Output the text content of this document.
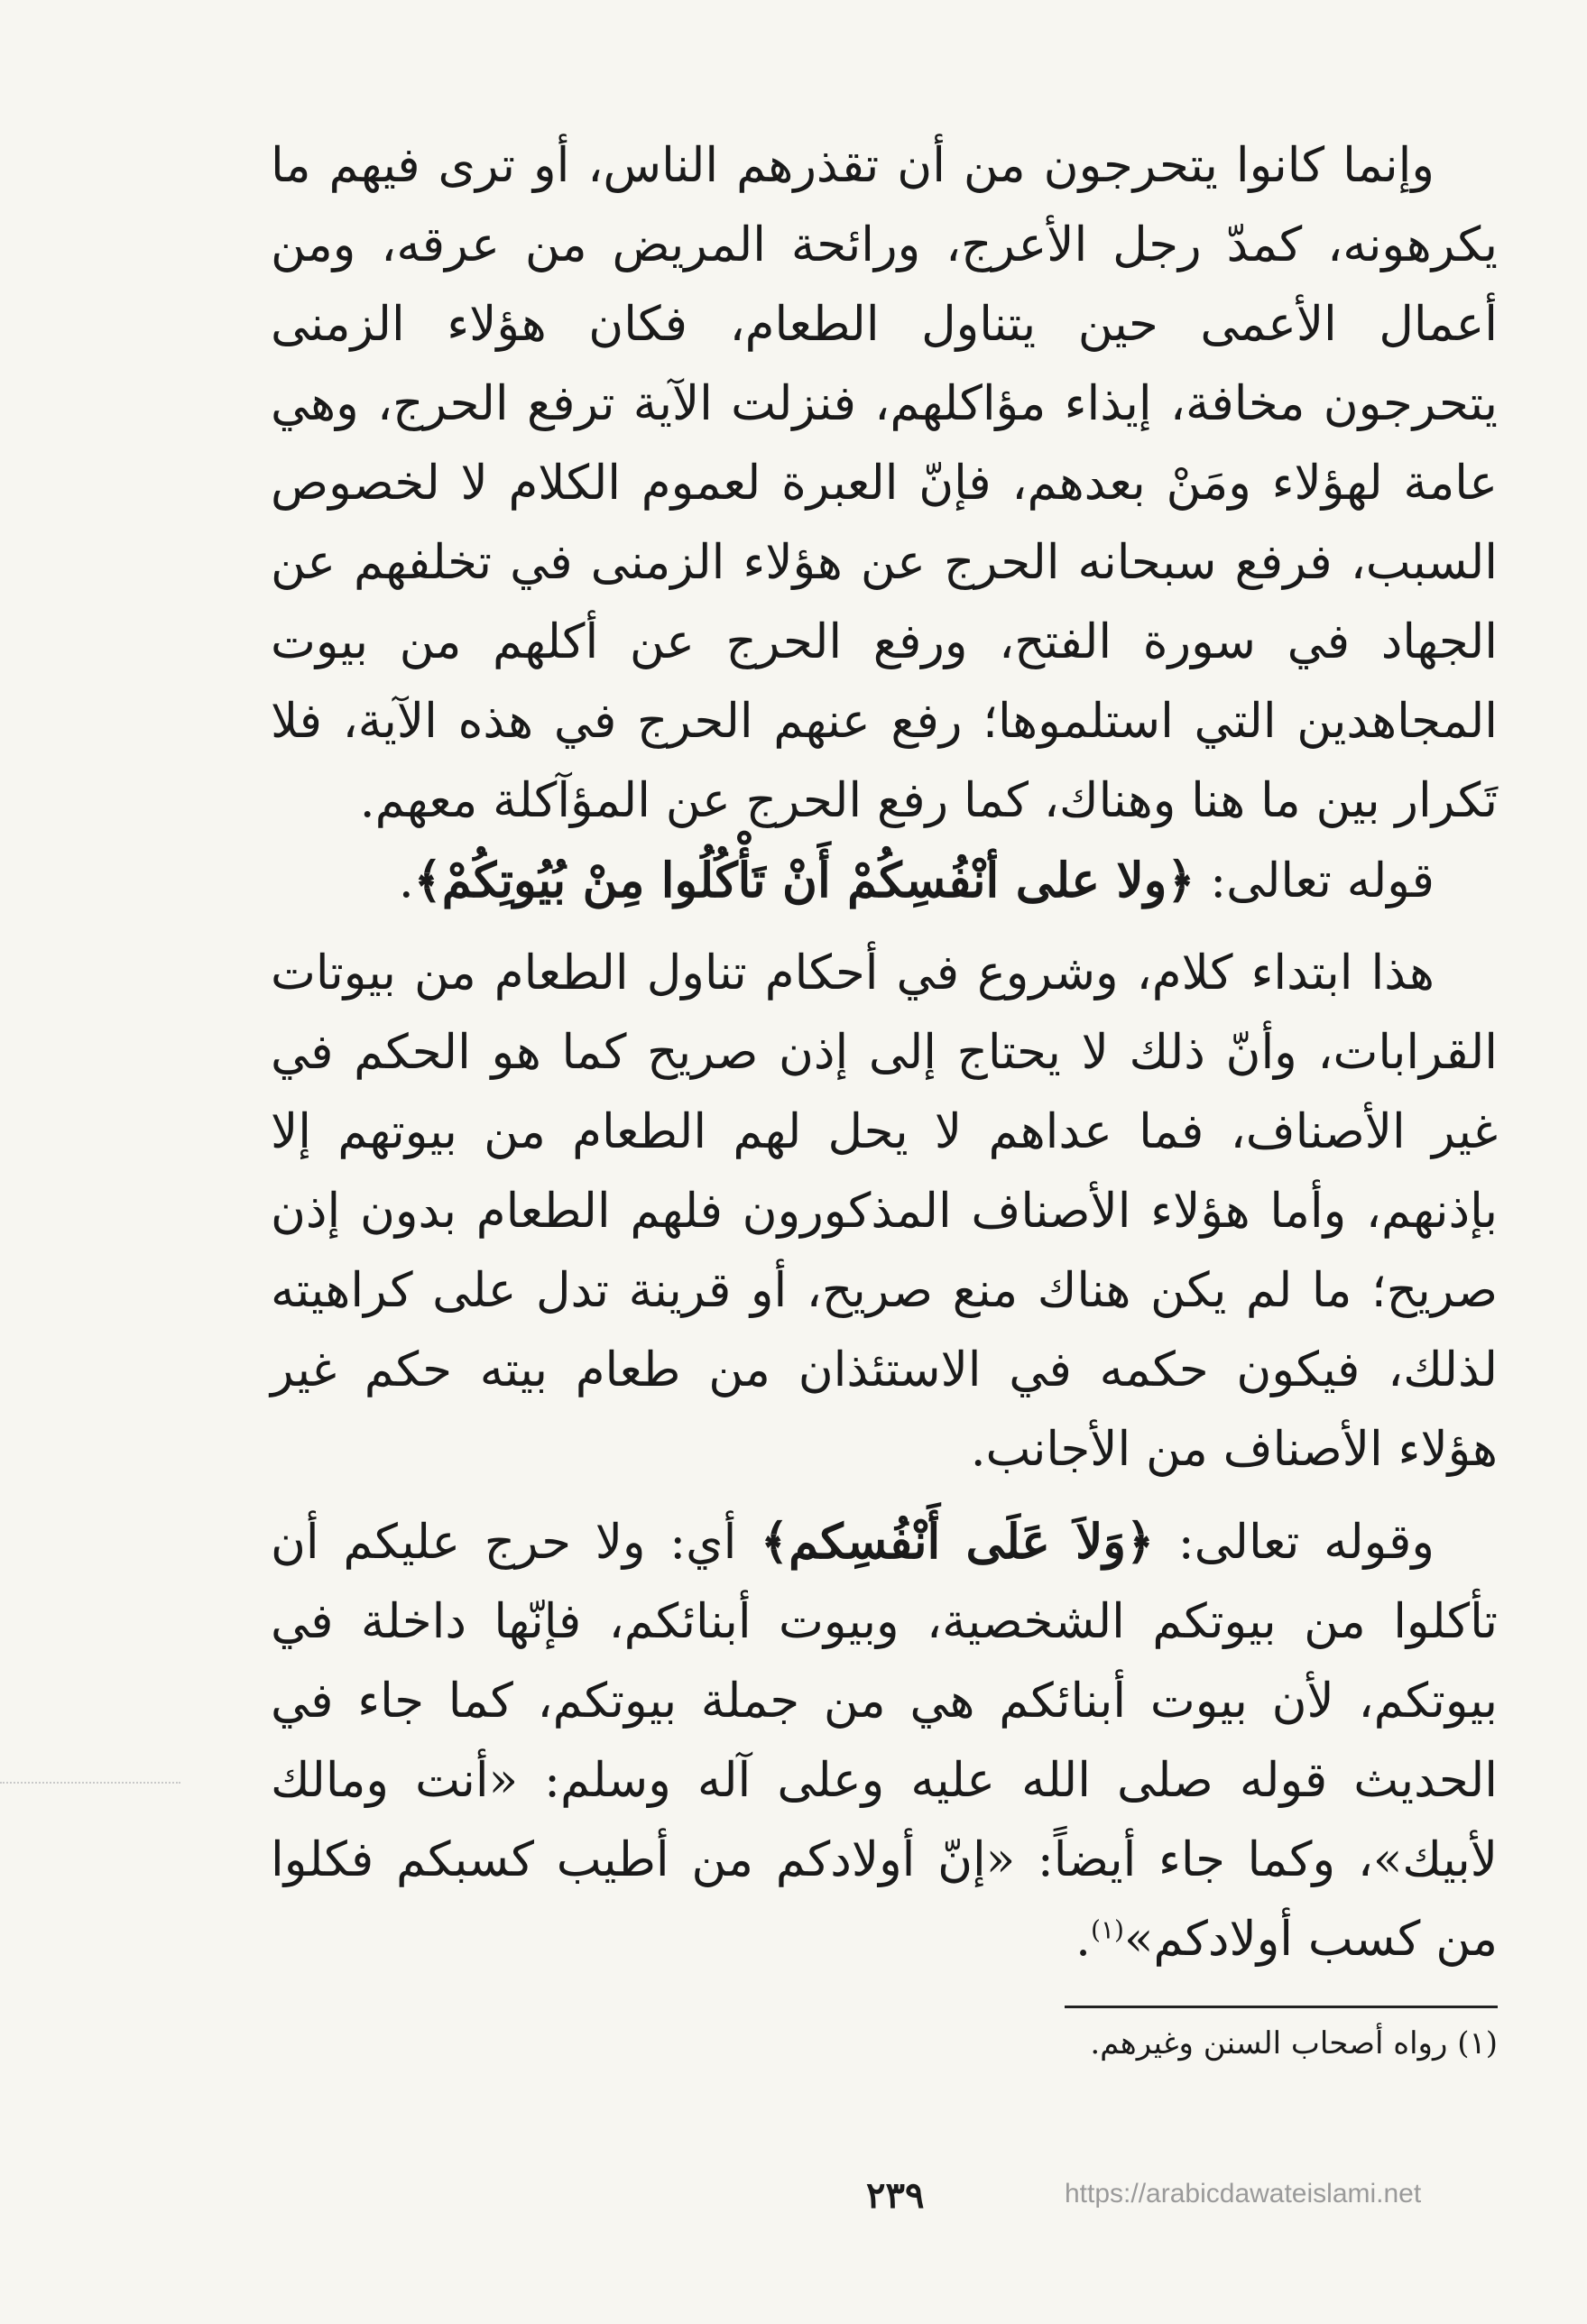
وإنما كانوا يتحرجون من أن تقذرهم الناس، أو ترى فيهم ما يكرهونه، كمدّ رجل الأعرج، ورائحة المريض من عرقه، ومن أعمال الأعمى حين يتناول الطعام، فكان هؤلاء الزمنى يتحرجون مخافة، إيذاء مؤاكلهم، فنزلت الآية ترفع الحرج، وهي عامة لهؤلاء ومَنْ بعدهم، فإنّ العبرة لعموم الكلام لا لخصوص السبب، فرفع سبحانه الحرج عن هؤلاء الزمنى في تخلفهم عن الجهاد في سورة الفتح، ورفع الحرج عن أكلهم من بيوت المجاهدين التي استلموها؛ رفع عنهم الحرج في هذه الآية، فلا تَكرار بين ما هنا وهناك، كما رفع الحرج عن المؤآكلة معهم.

قوله تعالى: ﴿ولا على أنْفُسِكُمْ أَنْ تَأْكُلُوا مِنْ بُيُوتِكُمْ﴾.

هذا ابتداء كلام، وشروع في أحكام تناول الطعام من بيوتات القرابات، وأنّ ذلك لا يحتاج إلى إذن صريح كما هو الحكم في غير الأصناف، فما عداهم لا يحل لهم الطعام من بيوتهم إلا بإذنهم، وأما هؤلاء الأصناف المذكورون فلهم الطعام بدون إذن صريح؛ ما لم يكن هناك منع صريح، أو قرينة تدل على كراهيته لذلك، فيكون حكمه في الاستئذان من طعام بيته حكم غير هؤلاء الأصناف من الأجانب.

وقوله تعالى: ﴿وَلاَ عَلَى أَنْفُسِكم﴾ أي: ولا حرج عليكم أن تأكلوا من بيوتكم الشخصية، وبيوت أبنائكم، فإنّها داخلة في بيوتكم، لأن بيوت أبنائكم هي من جملة بيوتكم، كما جاء في الحديث قوله صلى الله عليه وعلى آله وسلم: «أنت ومالك لأبيك»، وكما جاء أيضاً: «إنّ أولادكم من أطيب كسبكم فكلوا من كسب أولادكم»$^{(١)}$.

(١) رواه أصحاب السنن وغيرهم.
٢٣٩	https://arabicdawateislami.net
